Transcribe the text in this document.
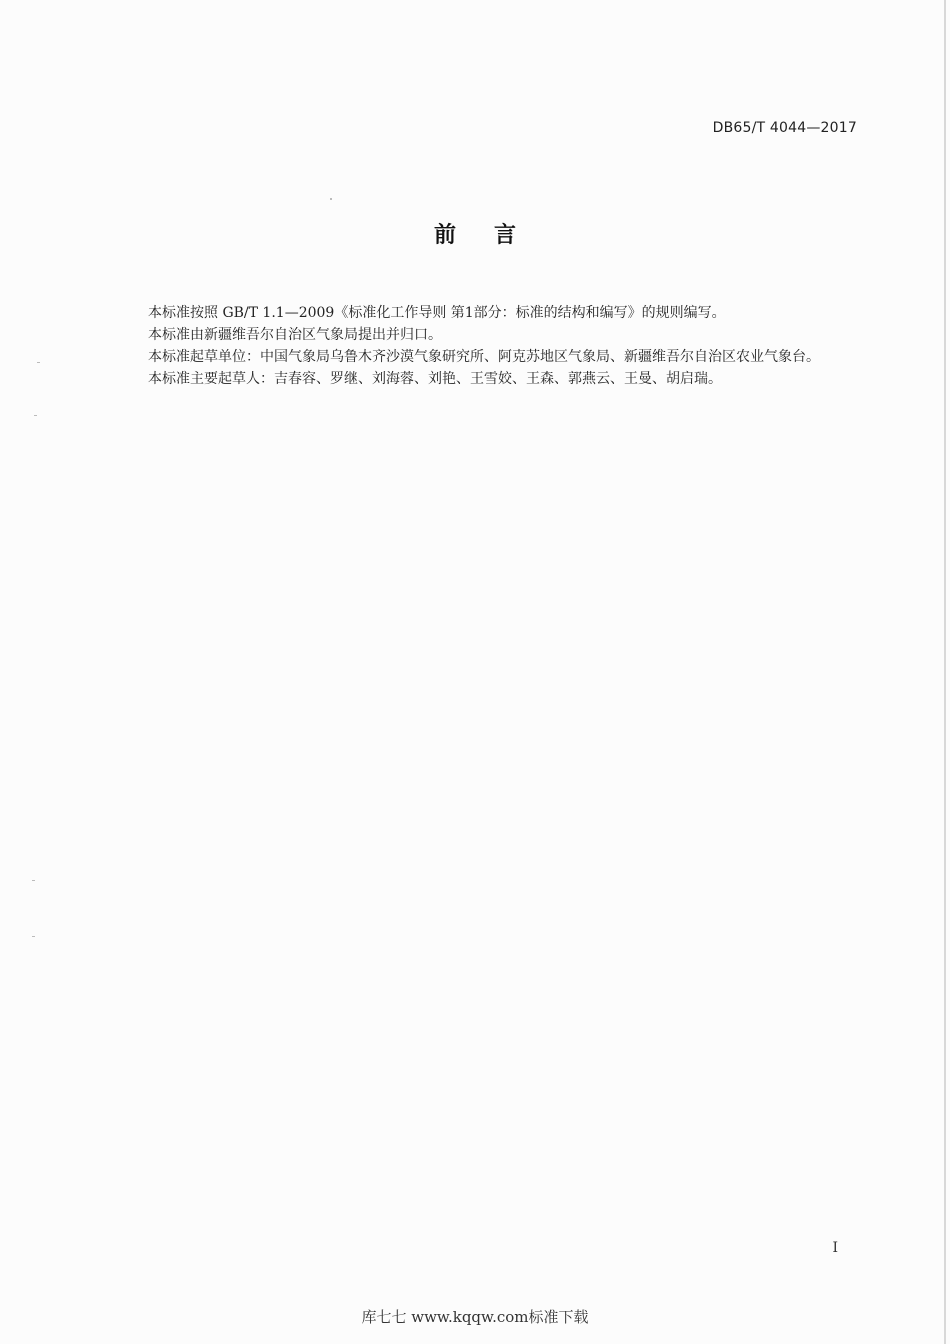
DB65/T 4044—2017
前言

本标准按照 GB/T 1.1—2009《标准化工作导则 第1部分：标准的结构和编写》的规则编写。

本标准由新疆维吾尔自治区气象局提出并归口。

本标准起草单位：中国气象局乌鲁木齐沙漠气象研究所、阿克苏地区气象局、新疆维吾尔自治区农业气象台。

本标准主要起草人：吉春容、罗继、刘海蓉、刘艳、王雪姣、王森、郭燕云、王曼、胡启瑞。

I
库七七 www.kqqw.com标准下载
